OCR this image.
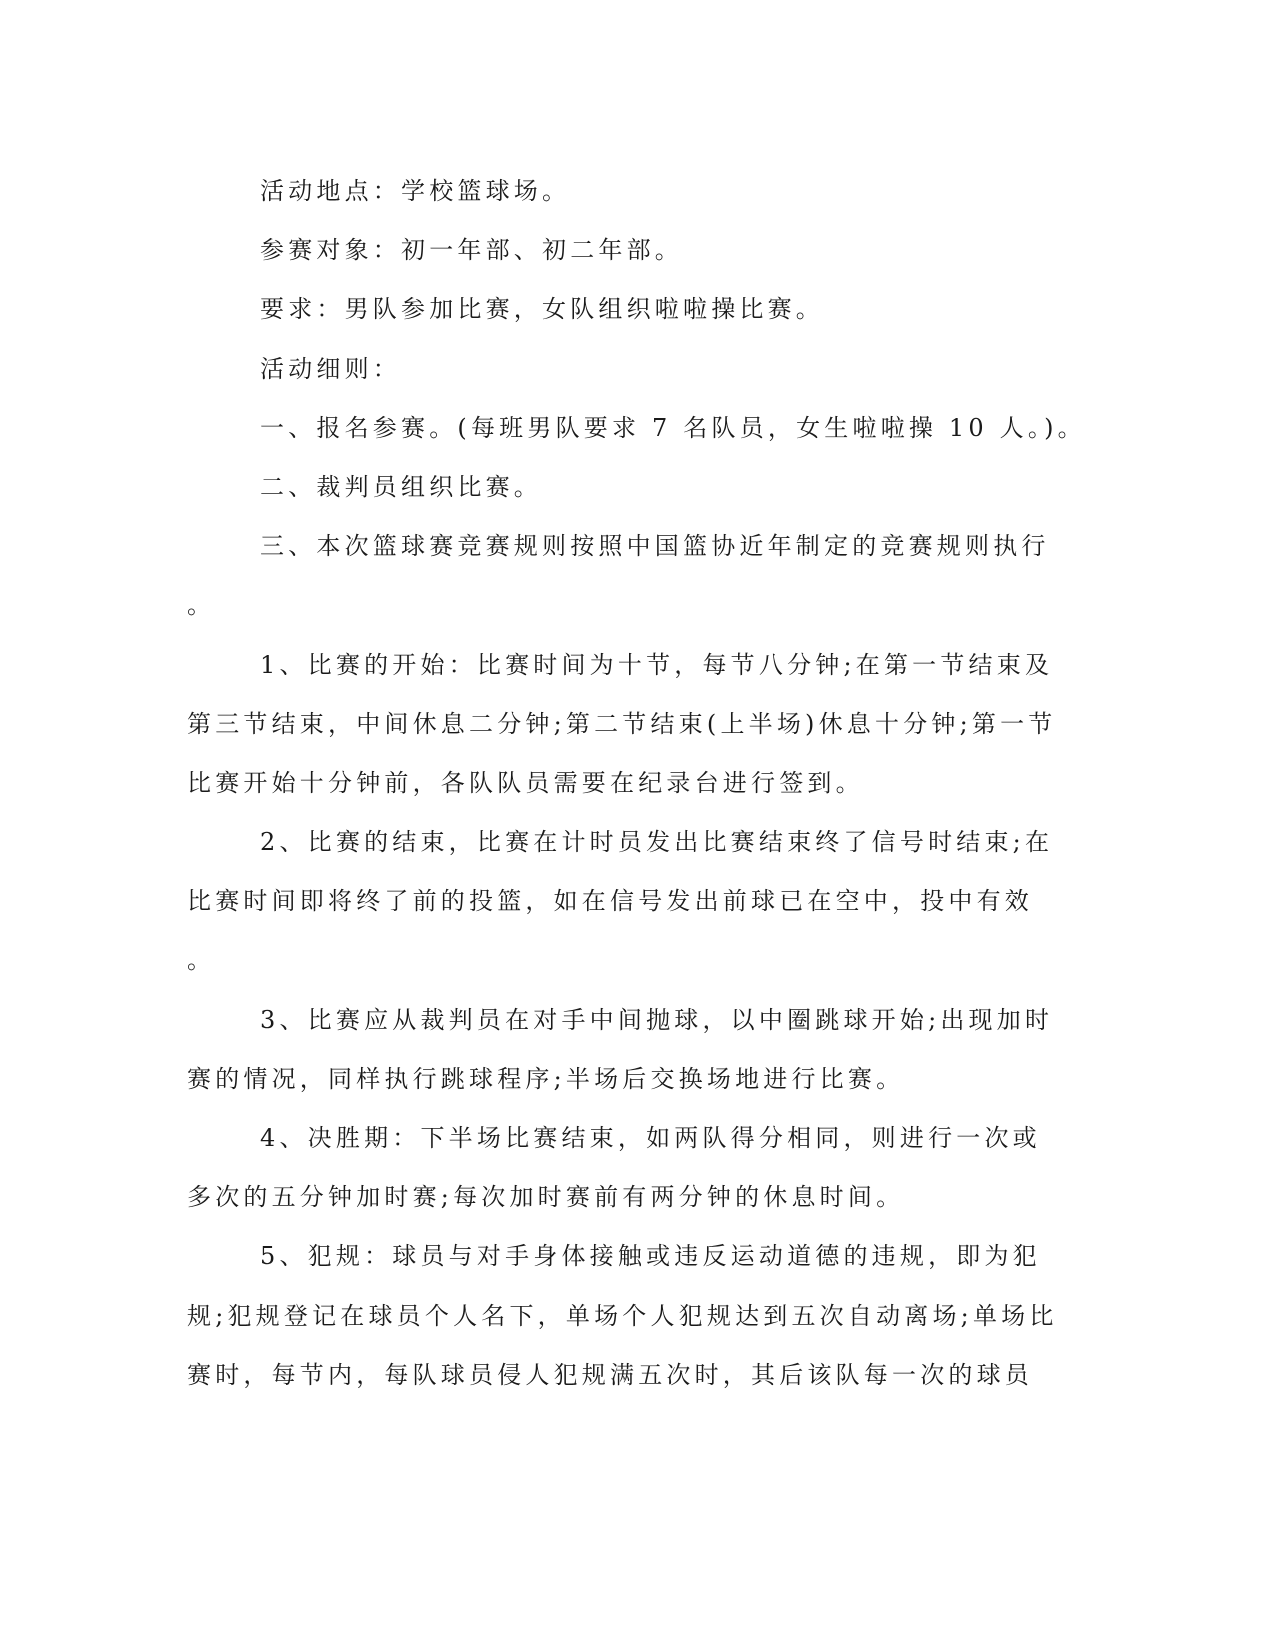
活动地点：学校篮球场。
参赛对象：初一年部、初二年部。
要求：男队参加比赛，女队组织啦啦操比赛。
活动细则：
一、报名参赛。(每班男队要求 7 名队员，女生啦啦操 10 人。)。
二、裁判员组织比赛。
三、本次篮球赛竞赛规则按照中国篮协近年制定的竞赛规则执行
。
1、比赛的开始：比赛时间为十节，每节八分钟;在第一节结束及
第三节结束，中间休息二分钟;第二节结束(上半场)休息十分钟;第一节
比赛开始十分钟前，各队队员需要在纪录台进行签到。
2、比赛的结束，比赛在计时员发出比赛结束终了信号时结束;在
比赛时间即将终了前的投篮，如在信号发出前球已在空中，投中有效
。
3、比赛应从裁判员在对手中间抛球，以中圈跳球开始;出现加时
赛的情况，同样执行跳球程序;半场后交换场地进行比赛。
4、决胜期：下半场比赛结束，如两队得分相同，则进行一次或
多次的五分钟加时赛;每次加时赛前有两分钟的休息时间。
5、犯规：球员与对手身体接触或违反运动道德的违规，即为犯
规;犯规登记在球员个人名下，单场个人犯规达到五次自动离场;单场比
赛时，每节内，每队球员侵人犯规满五次时，其后该队每一次的球员
